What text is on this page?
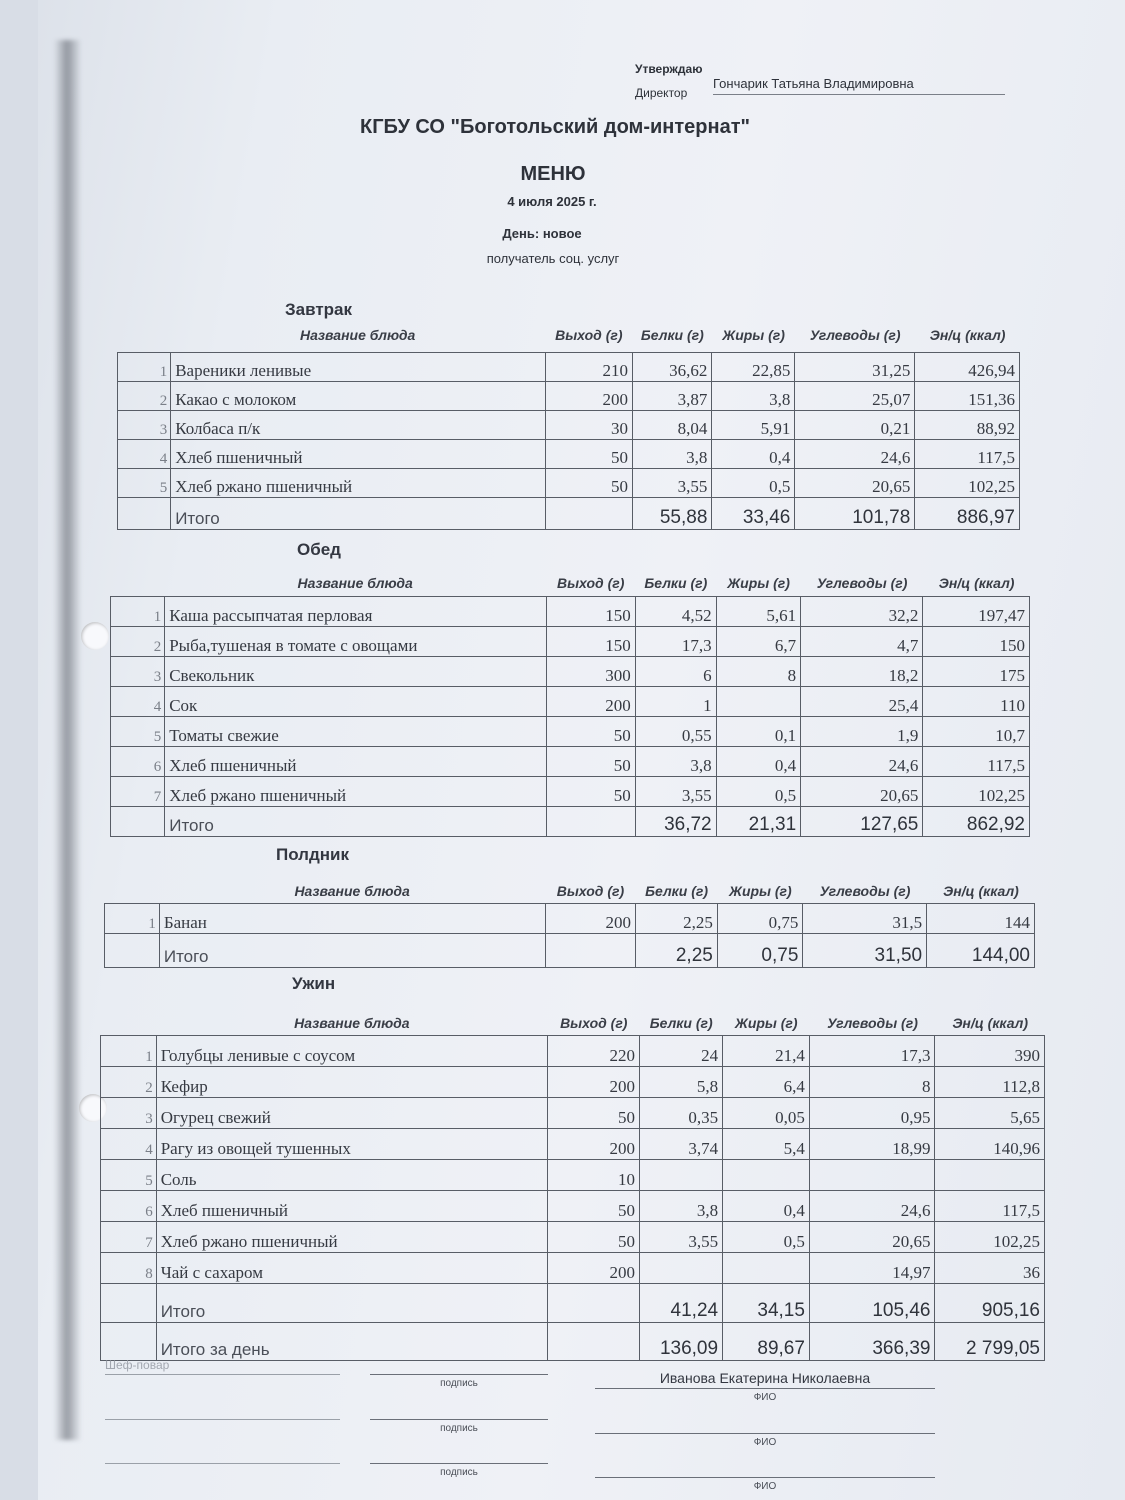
Утверждаю
Директор
Гончарик Татьяна Владимировна
КГБУ СО "Боготольский дом-интернат"
МЕНЮ
4 июля 2025 г.
День: новое
получатель соц. услуг
Завтрак
	Название блюда	Выход (г)	Белки (г)	Жиры (г)	Углеводы (г)	Эн/ц (ккал)
1	Вареники ленивые	210	36,62	22,85	31,25	426,94
2	Какао с молоком	200	3,87	3,8	25,07	151,36
3	Колбаса п/к	30	8,04	5,91	0,21	88,92
4	Хлеб пшеничный	50	3,8	0,4	24,6	117,5
5	Хлеб ржано пшеничный	50	3,55	0,5	20,65	102,25
	Итого		55,88	33,46	101,78	886,97
Обед
	Название блюда	Выход (г)	Белки (г)	Жиры (г)	Углеводы (г)	Эн/ц (ккал)
1	Каша рассыпчатая перловая	150	4,52	5,61	32,2	197,47
2	Рыба,тушеная в томате с овощами	150	17,3	6,7	4,7	150
3	Свекольник	300	6	8	18,2	175
4	Сок	200	1		25,4	110
5	Томаты свежие	50	0,55	0,1	1,9	10,7
6	Хлеб пшеничный	50	3,8	0,4	24,6	117,5
7	Хлеб ржано пшеничный	50	3,55	0,5	20,65	102,25
	Итого		36,72	21,31	127,65	862,92
Полдник
	Название блюда	Выход (г)	Белки (г)	Жиры (г)	Углеводы (г)	Эн/ц (ккал)
1	Банан	200	2,25	0,75	31,5	144
	Итого		2,25	0,75	31,50	144,00
Ужин
	Название блюда	Выход (г)	Белки (г)	Жиры (г)	Углеводы (г)	Эн/ц (ккал)
1	Голубцы ленивые с соусом	220	24	21,4	17,3	390
2	Кефир	200	5,8	6,4	8	112,8
3	Огурец свежий	50	0,35	0,05	0,95	5,65
4	Рагу из овощей тушенных	200	3,74	5,4	18,99	140,96
5	Соль	10				
6	Хлеб пшеничный	50	3,8	0,4	24,6	117,5
7	Хлеб ржано пшеничный	50	3,55	0,5	20,65	102,25
8	Чай с сахаром	200			14,97	36
	Итого		41,24	34,15	105,46	905,16
	Итого за день		136,09	89,67	366,39	2 799,05
Шеф-повар
подпись	Иванова Екатерина Николаевна
ФИО
подпись
ФИО
подпись
ФИО
